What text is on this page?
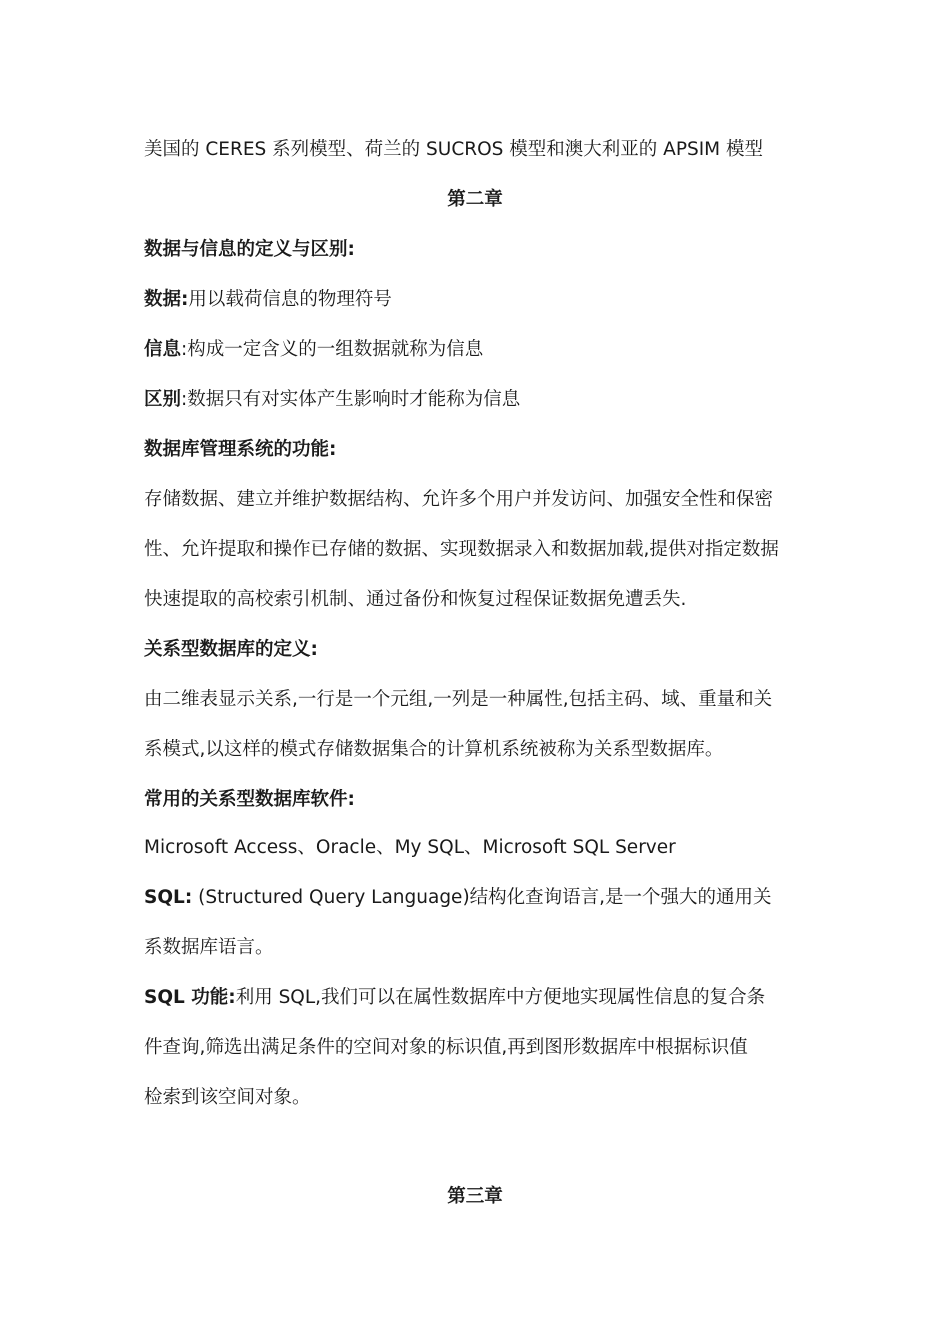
美国的 CERES 系列模型、荷兰的 SUCROS 模型和澳大利亚的 APSIM 模型
第二章
数据与信息的定义与区别:
数据:用以载荷信息的物理符号
信息:构成一定含义的一组数据就称为信息
区别:数据只有对实体产生影响时才能称为信息
数据库管理系统的功能:
存储数据、建立并维护数据结构、允许多个用户并发访问、加强安全性和保密
性、允许提取和操作已存储的数据、实现数据录入和数据加载,提供对指定数据
快速提取的高校索引机制、通过备份和恢复过程保证数据免遭丢失.
关系型数据库的定义:
由二维表显示关系,一行是一个元组,一列是一种属性,包括主码、域、重量和关
系模式,以这样的模式存储数据集合的计算机系统被称为关系型数据库。
常用的关系型数据库软件:
Microsoft Access、Oracle、My SQL、Microsoft SQL Server
SQL: (Structured Query Language)结构化查询语言,是一个强大的通用关
系数据库语言。
SQL 功能:利用 SQL,我们可以在属性数据库中方便地实现属性信息的复合条
件查询,筛选出满足条件的空间对象的标识值,再到图形数据库中根据标识值
检索到该空间对象。
第三章
